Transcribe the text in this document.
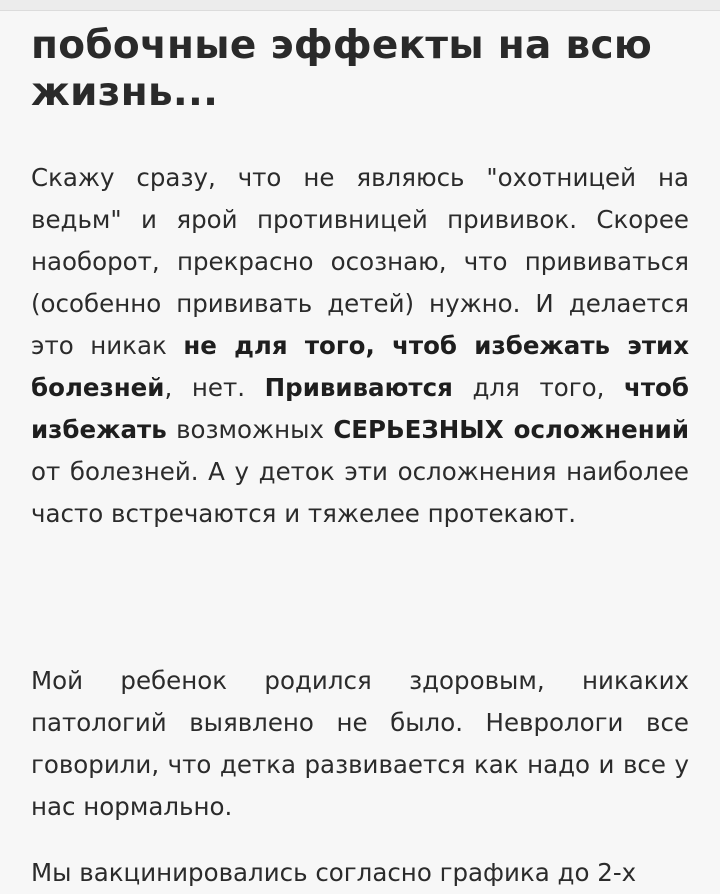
побочные эффекты на всю жизнь...

Скажу сразу, что не являюсь "охотницей на ведьм" и ярой противницей прививок. Скорее наоборот, прекрасно осознаю, что прививаться (особенно прививать детей) нужно. И делается это никак не для того, чтоб избежать этих болезней, нет. Прививаются для того, чтоб избежать возможных СЕРЬЕЗНЫХ осложнений от болезней. А у деток эти осложнения наиболее часто встречаются и тяжелее протекают.

Мой ребенок родился здоровым, никаких патологий выявлено не было. Неврологи все говорили, что детка развивается как надо и все у нас нормально.

Мы вакцинировались согласно графика до 2-х
